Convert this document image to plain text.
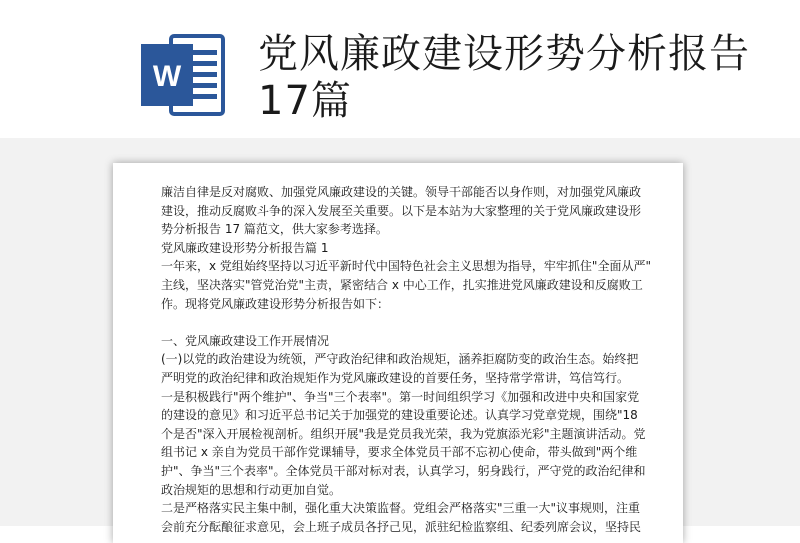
W 党风廉政建设形势分析报告17篇

廉洁自律是反对腐败、加强党风廉政建设的关键。领导干部能否以身作则，对加强党风廉政

建设，推动反腐败斗争的深入发展至关重要。以下是本站为大家整理的关于党风廉政建设形

势分析报告 17 篇范文，供大家参考选择。

党风廉政建设形势分析报告篇 1

一年来，x 党组始终坚持以习近平新时代中国特色社会主义思想为指导，牢牢抓住"全面从严"

主线，坚决落实"管党治党"主责，紧密结合 x 中心工作，扎实推进党风廉政建设和反腐败工

作。现将党风廉政建设形势分析报告如下：

一、党风廉政建设工作开展情况

(一)以党的政治建设为统领，严守政治纪律和政治规矩，涵养拒腐防变的政治生态。始终把

严明党的政治纪律和政治规矩作为党风廉政建设的首要任务，坚持常学常讲，笃信笃行。

一是积极践行"两个维护"、争当"三个表率"。第一时间组织学习《加强和改进中央和国家党

的建设的意见》和习近平总书记关于加强党的建设重要论述。认真学习党章党规，围绕"18

个是否"深入开展检视剖析。组织开展"我是党员我光荣，我为党旗添光彩"主题演讲活动。党

组书记 x 亲自为党员干部作党课辅导，要求全体党员干部不忘初心使命，带头做到"两个维

护"、争当"三个表率"。全体党员干部对标对表，认真学习，躬身践行，严守党的政治纪律和

政治规矩的思想和行动更加自觉。

二是严格落实民主集中制，强化重大决策监督。党组会严格落实"三重一大"议事规则，注重

会前充分酝酿征求意见，会上班子成员各抒己见，派驻纪检监察组、纪委列席会议，坚持民
